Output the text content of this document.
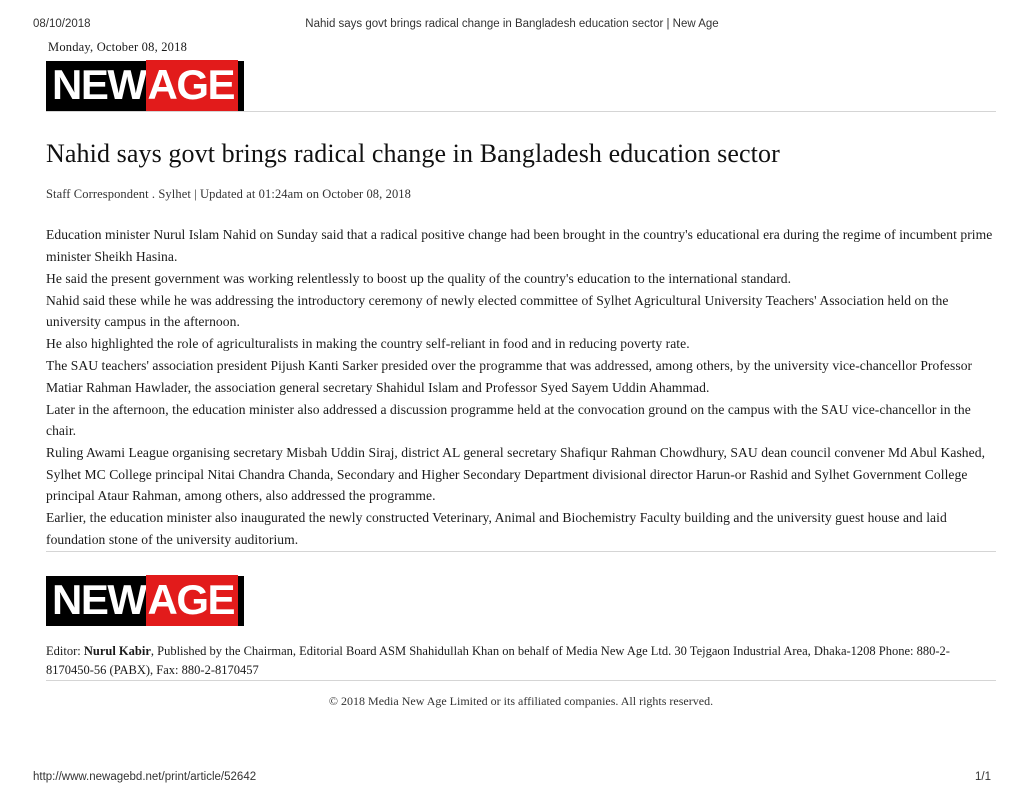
08/10/2018	Nahid says govt brings radical change in Bangladesh education sector | New Age
Monday, October 08, 2018
NEWAGE
Nahid says govt brings radical change in Bangladesh education sector
Staff Correspondent . Sylhet | Updated at 01:24am on October 08, 2018

Education minister Nurul Islam Nahid on Sunday said that a radical positive change had been brought in the country's educational era during the regime of incumbent prime minister Sheikh Hasina.

He said the present government was working relentlessly to boost up the quality of the country's education to the international standard.

Nahid said these while he was addressing the introductory ceremony of newly elected committee of Sylhet Agricultural University Teachers' Association held on the university campus in the afternoon.

He also highlighted the role of agriculturalists in making the country self-reliant in food and in reducing poverty rate.

The SAU teachers' association president Pijush Kanti Sarker presided over the programme that was addressed, among others, by the university vice-chancellor Professor Matiar Rahman Hawlader, the association general secretary Shahidul Islam and Professor Syed Sayem Uddin Ahammad.

Later in the afternoon, the education minister also addressed a discussion programme held at the convocation ground on the campus with the SAU vice-chancellor in the chair.

Ruling Awami League organising secretary Misbah Uddin Siraj, district AL general secretary Shafiqur Rahman Chowdhury, SAU dean council convener Md Abul Kashed, Sylhet MC College principal Nitai Chandra Chanda, Secondary and Higher Secondary Department divisional director Harun-or Rashid and Sylhet Government College principal Ataur Rahman, among others, also addressed the programme.

Earlier, the education minister also inaugurated the newly constructed Veterinary, Animal and Biochemistry Faculty building and the university guest house and laid foundation stone of the university auditorium.

NEWAGE
Editor: Nurul Kabir, Published by the Chairman, Editorial Board ASM Shahidullah Khan on behalf of Media New Age Ltd. 30 Tejgaon Industrial Area, Dhaka-1208 Phone: 880-2-8170450-56 (PABX), Fax: 880-2-8170457
© 2018 Media New Age Limited or its affiliated companies. All rights reserved.
http://www.newagebd.net/print/article/52642	1/1
